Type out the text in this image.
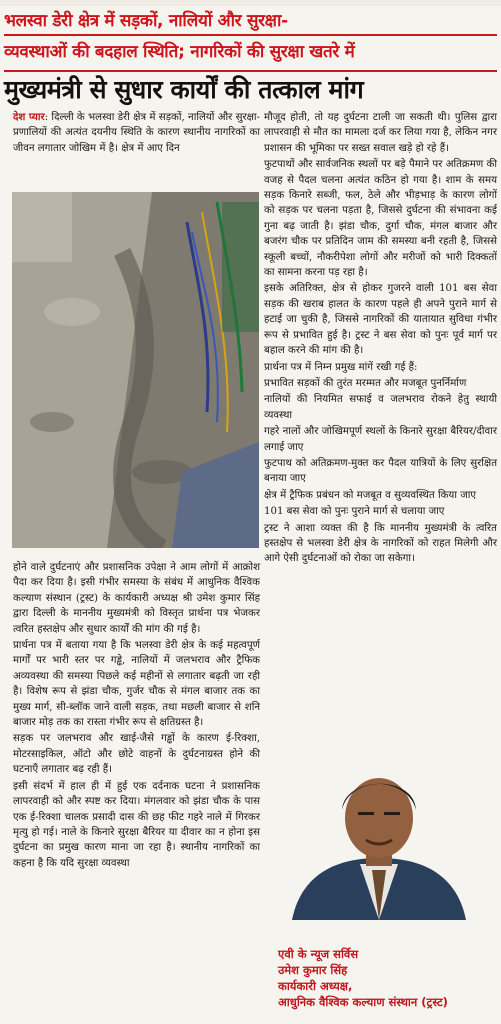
भलस्वा डेरी क्षेत्र में सड़कों, नालियों और सुरक्षा-
व्यवस्थाओं की बदहाल स्थिति; नागरिकों की सुरक्षा खतरे में
मुख्यमंत्री से सुधार कार्यों की तत्काल मांग

देश प्यार: दिल्ली के भलस्वा डेरी क्षेत्र में सड़कों, नालियों और सुरक्षा-प्रणालियों की अत्यंत दयनीय स्थिति के कारण स्थानीय नागरिकों का जीवन लगातार जोखिम में है। क्षेत्र में आए दिन

होने वाले दुर्घटनाएं और प्रशासनिक उपेक्षा ने आम लोगों में आक्रोश पैदा कर दिया है। इसी गंभीर समस्या के संबंध में आधुनिक वैश्विक कल्याण संस्थान (ट्रस्ट) के कार्यकारी अध्यक्ष श्री उमेश कुमार सिंह द्वारा दिल्ली के माननीय मुख्यमंत्री को विस्तृत प्रार्थना पत्र भेजकर त्वरित हस्तक्षेप और सुधार कार्यों की मांग की गई है।

प्रार्थना पत्र में बताया गया है कि भलस्वा डेरी क्षेत्र के कई महत्वपूर्ण मार्गों पर भारी स्तर पर गड्ढे, नालियों में जलभराव और ट्रैफिक अव्यवस्था की समस्या पिछले कई महीनों से लगातार बढ़ती जा रही है। विशेष रूप से झंडा चौक, गुर्जर चौक से मंगल बाजार तक का मुख्य मार्ग, सी-ब्लॉक जाने वाली सड़क, तथा मछली बाजार से शनि बाजार मोड़ तक का रास्ता गंभीर रूप से क्षतिग्रस्त है।

सड़क पर जलभराव और खाई-जैसे गड्ढों के कारण ई-रिक्शा, मोटरसाइकिल, ऑटो और छोटे वाहनों के दुर्घटनाग्रस्त होने की घटनाएँ लगातार बढ़ रही हैं।

इसी संदर्भ में हाल ही में हुई एक दर्दनाक घटना ने प्रशासनिक लापरवाही को और स्पष्ट कर दिया। मंगलवार को झंडा चौक के पास एक ई-रिक्शा चालक प्रसादी दास की छह फीट गहरे नाले में गिरकर मृत्यु हो गई। नाले के किनारे सुरक्षा बैरियर या दीवार का न होना इस दुर्घटना का प्रमुख कारण माना जा रहा है। स्थानीय नागरिकों का कहना है कि यदि सुरक्षा व्यवस्था

मौजूद होती, तो यह दुर्घटना टाली जा सकती थी। पुलिस द्वारा लापरवाही से मौत का मामला दर्ज कर लिया गया है, लेकिन नगर प्रशासन की भूमिका पर सख्त सवाल खड़े हो रहे हैं।

फुटपाथों और सार्वजनिक स्थलों पर बड़े पैमाने पर अतिक्रमण की वजह से पैदल चलना अत्यंत कठिन हो गया है। शाम के समय सड़क किनारे सब्जी, फल, ठेले और भीड़भाड़ के कारण लोगों को सड़क पर चलना पड़ता है, जिससे दुर्घटना की संभावना कई गुना बढ़ जाती है। झंडा चौक, दुर्गा चौक, मंगल बाजार और बजरंग चौक पर प्रतिदिन जाम की समस्या बनी रहती है, जिससे स्कूली बच्चों, नौकरीपेशा लोगों और मरीजों को भारी दिक्कतों का सामना करना पड़ रहा है।

इसके अतिरिक्त, क्षेत्र से होकर गुजरने वाली 101 बस सेवा सड़क की खराब हालत के कारण पहले ही अपने पुराने मार्ग से हटाई जा चुकी है, जिससे नागरिकों की यातायात सुविधा गंभीर रूप से प्रभावित हुई है। ट्रस्ट ने बस सेवा को पुनः पूर्व मार्ग पर बहाल करने की मांग की है।

प्रार्थना पत्र में निम्न प्रमुख मांगें रखी गई हैं:

प्रभावित सड़कों की तुरंत मरम्मत और मजबूत पुनर्निर्माण

नालियों की नियमित सफाई व जलभराव रोकने हेतु स्थायी व्यवस्था

गहरे नालों और जोखिमपूर्ण स्थलों के किनारे सुरक्षा बैरियर/दीवार लगाई जाए

फुटपाथ को अतिक्रमण-मुक्त कर पैदल यात्रियों के लिए सुरक्षित बनाया जाए

क्षेत्र में ट्रैफिक प्रबंधन को मजबूत व सुव्यवस्थित किया जाए

101 बस सेवा को पुनः पुराने मार्ग से चलाया जाए

ट्रस्ट ने आशा व्यक्त की है कि माननीय मुख्यमंत्री के त्वरित हस्तक्षेप से भलस्वा डेरी क्षेत्र के नागरिकों को राहत मिलेगी और आगे ऐसी दुर्घटनाओं को रोका जा सकेगा।

एवी के न्यूज सर्विस
उमेश कुमार सिंह
कार्यकारी अध्यक्ष,
आधुनिक वैश्विक कल्याण संस्थान (ट्रस्ट)
